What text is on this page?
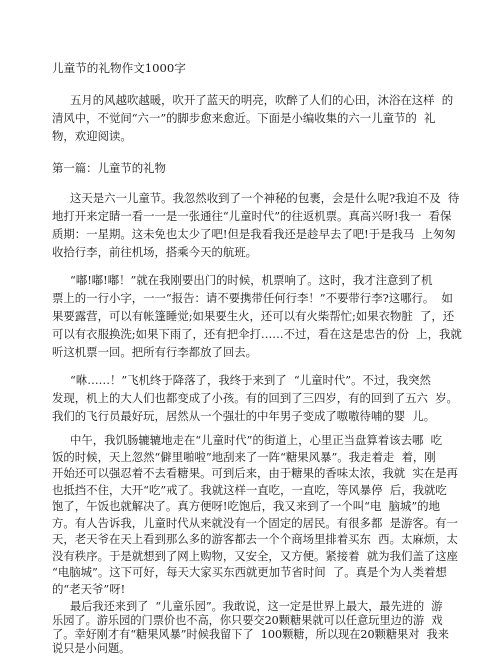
儿童节的礼物作文1000字
五月的风越吹越暖，吹开了蓝天的明亮，吹醉了人们的心田，沐浴在这样  的
清风中，不觉间“六一”的脚步愈来愈近。下面是小编收集的六一儿童节的  礼
物，欢迎阅读。
第一篇：儿童节的礼物
这天是六一儿童节。我忽然收到了一个神秘的包裹，会是什么呢?我迫不及  待
地打开来定睛一看一一是一张通往“儿童时代”的往返机票。真高兴呀!我一  看保
质期：一星期。这未免也太少了吧!但是我看我还是趁早去了吧!于是我马  上匆匆
收拾行李，前往机场，搭乘今天的航班。
“嘟!嘟!嘟！”就在我刚要出门的时候，机票响了。这时，我才注意到了机
票上的一行小字，一一“报告：请不要携带任何行李！”不要带行李?这哪行。  如
果要露营，可以有帐篷睡觉;如果要生火，还可以有火柴帮忙;如果衣物脏  了，还
可以有衣服换洗;如果下雨了，还有把伞打……不过，看在这是忠告的份  上，我就
听这机票一回。把所有行李都放了回去。
“咻……！”飞机终于降落了，我终于来到了  “儿童时代”。不过，我突然
发现，机上的大人们也都变成了小孩。有的回到了三四岁，有的回到了五六  岁。
我们的飞行员最好玩，居然从一个强壮的中年男子变成了嗷嗷待哺的婴  儿。
中午，我饥肠辘辘地走在“儿童时代”的街道上，心里正当盘算着该去哪  吃
饭的时候，天上忽然“僻里啪啦”地刮来了一阵“糖果风暴”。我走着走  着，刚
开始还可以强忍着不去看糖果。可到后来，由于糖果的香味太浓，我就  实在是再
也抵挡不住，大开“吃”戒了。我就这样一直吃，一直吃，等风暴停  后，我就吃
饱了，午饭也就解决了。真方便呀!吃饱后，我又来到了一个叫“电  脑城”的地
方。有人告诉我，儿童时代从来就没有一个固定的居民。有很多都  是游客。有一
天，老天爷在天上看到那么多的游客都去一个个商场里排着买东  西。太麻烦，太
没有秩序。于是就想到了网上购物，又安全，又方便。紧接着  就为我们盖了这座
“电脑城”。这下可好，每天大家买东西就更加节省时间  了。真是个为人类着想
的“老天爷”呀!
最后我还来到了  “儿童乐园”。我敢说，这一定是世界上最大，最先进的  游
乐园了。游乐园的门票价也不高，你只要交20颗糖果就可以任意玩里边的游  戏
了。幸好刚才有“糖果风暴”时候我留下了  100颗糖，所以现在20颗糖果对  我来
说只是小问题。
